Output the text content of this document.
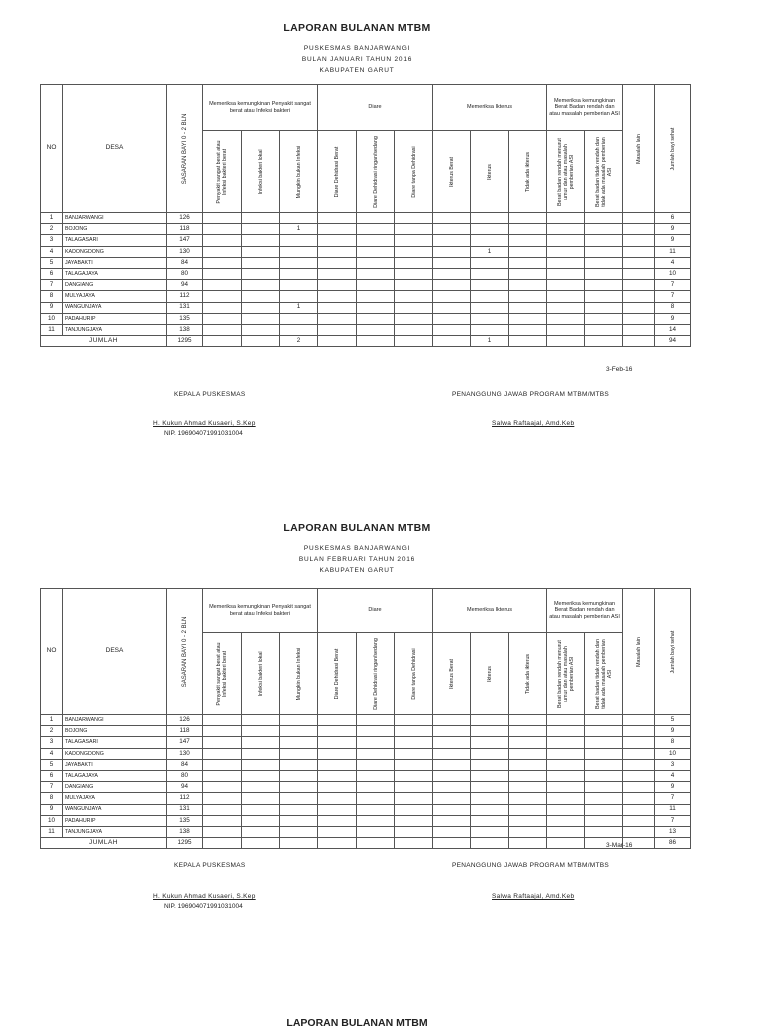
LAPORAN BULANAN MTBM
PUSKESMAS BANJARWANGI
BULAN JANUARI TAHUN 2016
KABUPATEN GARUT
NO	DESA	SASARAN BAYI 0 - 2 BLN	Memeriksa kemungkinan Penyakit sangat berat atau Infeksi bakteri			Diare			Memeriksa Ikterus			Memeriksa kemungkinan Berat Badan rendah dan atau masalah pemberian ASI		Masalah lain	Jumlah bayi sehat

			Penyakit sangat berat atau Infeksi bakteri berat	Infeksi bakteri lokal	Mungkin bukan Infeksi	Diare Dehidrasi Berat	Diare Dehidrasi ringan/sedang	Diare tanpa Dehidrasi	Ikterus Berat	Ikterus	Tidak ada ikterus	Berat badan rendah menurut umur dan atau masalah pemberian ASI	Berat badan tidak rendah dan tidak ada masalah pemberian ASI		

1	BANJARWANGI	126													6
2	BOJONG	118			1										9
3	TALAGASARI	147													9
4	KADONGDONG	130								1					11
5	JAYABAKTI	84													4
6	TALAGAJAYA	80													10
7	DANGIANG	94													7
8	MULYAJAYA	112													7
9	WANGUNJAYA	131			1										8
10	PADAHURIP	135													9
11	TANJUNGJAYA	138													14
JUMLAH		1295			2					1					94
3-Feb-16
KEPALA PUSKESMAS	PENANGGUNG JAWAB PROGRAM MTBM/MTBS
H. Kukun Ahmad Kusaeri, S.Kep
NIP. 196904071991031004
Salwa Raftaajal, Amd.Keb
LAPORAN BULANAN MTBM
PUSKESMAS BANJARWANGI
BULAN FEBRUARI TAHUN 2016
KABUPATEN GARUT
NO	DESA	SASARAN BAYI 0 - 2 BLN	Memeriksa kemungkinan Penyakit sangat berat atau Infeksi bakteri			Diare			Memeriksa Ikterus			Memeriksa kemungkinan Berat Badan rendah dan atau masalah pemberian ASI		Masalah lain	Jumlah bayi sehat

			Penyakit sangat berat atau Infeksi bakteri berat	Infeksi bakteri lokal	Mungkin bukan Infeksi	Diare Dehidrasi Berat	Diare Dehidrasi ringan/sedang	Diare tanpa Dehidrasi	Ikterus Berat	Ikterus	Tidak ada ikterus	Berat badan rendah menurut umur dan atau masalah pemberian ASI	Berat badan tidak rendah dan tidak ada masalah pemberian ASI		

1	BANJARWANGI	126													5
2	BOJONG	118													9
3	TALAGASARI	147													8
4	KADONGDONG	130													10
5	JAYABAKTI	84													3
6	TALAGAJAYA	80													4
7	DANGIANG	94													9
8	MULYAJAYA	112													7
9	WANGUNJAYA	131													11
10	PADAHURIP	135													7
11	TANJUNGJAYA	138													13
JUMLAH		1295													86
3-Mar-16
KEPALA PUSKESMAS	PENANGGUNG JAWAB PROGRAM MTBM/MTBS
H. Kukun Ahmad Kusaeri, S.Kep
NIP. 196904071991031004
Salwa Raftaajal, Amd.Keb
LAPORAN BULANAN MTBM
